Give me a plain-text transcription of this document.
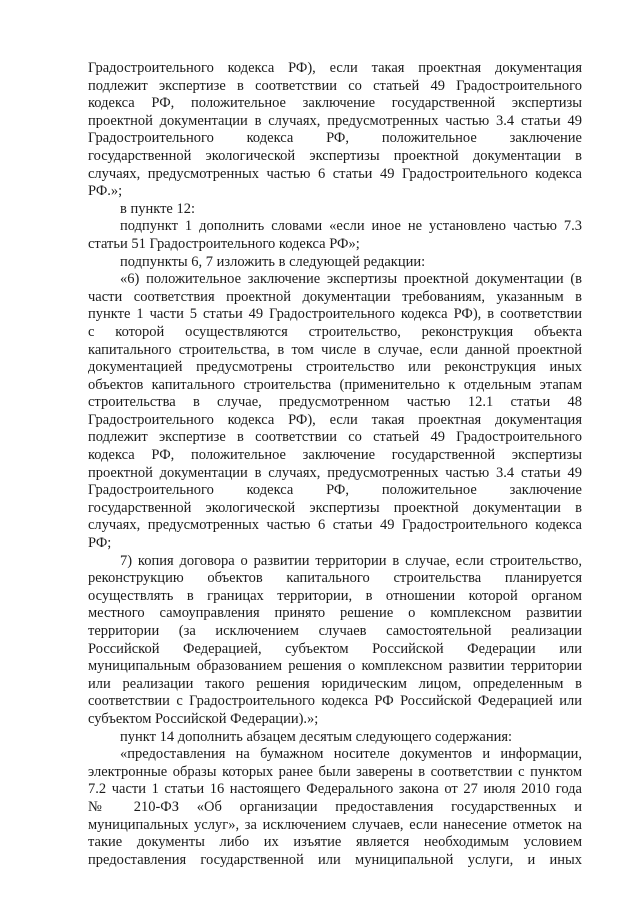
Градостроительного кодекса РФ), если такая проектная документация
подлежит экспертизе в соответствии со статьей 49 Градостроительного
кодекса РФ, положительное заключение государственной экспертизы
проектной документации в случаях, предусмотренных частью 3.4 статьи 49
Градостроительного кодекса РФ, положительное заключение
государственной экологической экспертизы проектной документации в
случаях, предусмотренных частью 6 статьи 49 Градостроительного кодекса
РФ.»;
в пункте 12:
подпункт 1 дополнить словами «если иное не установлено частью 7.3
статьи 51 Градостроительного кодекса РФ»;
подпункты 6, 7 изложить в следующей редакции:
«6) положительное заключение экспертизы проектной документации (в
части соответствия проектной документации требованиям, указанным в
пункте 1 части 5 статьи 49 Градостроительного кодекса РФ), в соответствии
с которой осуществляются строительство, реконструкция объекта
капитального строительства, в том числе в случае, если данной проектной
документацией предусмотрены строительство или реконструкция иных
объектов капитального строительства (применительно к отдельным этапам
строительства в случае, предусмотренном частью 12.1 статьи 48
Градостроительного кодекса РФ), если такая проектная документация
подлежит экспертизе в соответствии со статьей 49 Градостроительного
кодекса РФ, положительное заключение государственной экспертизы
проектной документации в случаях, предусмотренных частью 3.4 статьи 49
Градостроительного кодекса РФ, положительное заключение
государственной экологической экспертизы проектной документации в
случаях, предусмотренных частью 6 статьи 49 Градостроительного кодекса
РФ;
7) копия договора о развитии территории в случае, если строительство,
реконструкцию объектов капитального строительства планируется
осуществлять в границах территории, в отношении которой органом
местного самоуправления принято решение о комплексном развитии
территории (за исключением случаев самостоятельной реализации
Российской Федерацией, субъектом Российской Федерации или
муниципальным образованием решения о комплексном развитии территории
или реализации такого решения юридическим лицом, определенным в
соответствии с Градостроительного кодекса РФ Российской Федерацией или
субъектом Российской Федерации).»;
пункт 14 дополнить абзацем десятым следующего содержания:
«предоставления на бумажном носителе документов и информации,
электронные образы которых ранее были заверены в соответствии с пунктом
7.2 части 1 статьи 16 настоящего Федерального закона от 27 июля 2010 года
№ 210-ФЗ «Об организации предоставления государственных и
муниципальных услуг», за исключением случаев, если нанесение отметок на
такие документы либо их изъятие является необходимым условием
предоставления государственной или муниципальной услуги, и иных
